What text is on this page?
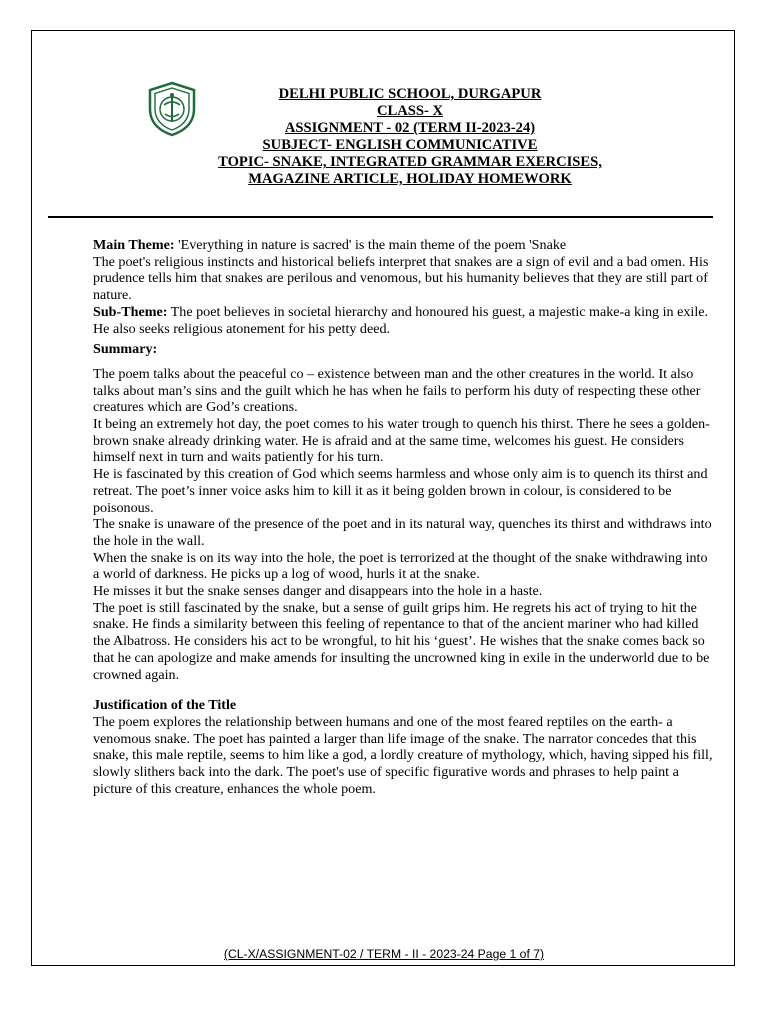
DELHI PUBLIC SCHOOL, DURGAPUR
CLASS- X
ASSIGNMENT - 02 (TERM II-2023-24)
SUBJECT- ENGLISH COMMUNICATIVE
TOPIC- SNAKE, INTEGRATED GRAMMAR EXERCISES,
MAGAZINE ARTICLE, HOLIDAY HOMEWORK

Main Theme: 'Everything in nature is sacred' is the main theme of the poem 'Snake

The poet's religious instincts and historical beliefs interpret that snakes are a sign of evil and a bad omen. His prudence tells him that snakes are perilous and venomous, but his humanity believes that they are still part of nature.

Sub-Theme: The poet believes in societal hierarchy and honoured his guest, a majestic make-a king in exile. He also seeks religious atonement for his petty deed.

Summary:

The poem talks about the peaceful co – existence between man and the other creatures in the world. It also talks about man’s sins and the guilt which he has when he fails to perform his duty of respecting these other creatures which are God’s creations.

It being an extremely hot day, the poet comes to his water trough to quench his thirst. There he sees a golden-brown snake already drinking water. He is afraid and at the same time, welcomes his guest. He considers himself next in turn and waits patiently for his turn.

He is fascinated by this creation of God which seems harmless and whose only aim is to quench its thirst and retreat. The poet’s inner voice asks him to kill it as it being golden brown in colour, is considered to be poisonous.

The snake is unaware of the presence of the poet and in its natural way, quenches its thirst and withdraws into the hole in the wall.

When the snake is on its way into the hole, the poet is terrorized at the thought of the snake withdrawing into a world of darkness. He picks up a log of wood, hurls it at the snake.

He misses it but the snake senses danger and disappears into the hole in a haste.

The poet is still fascinated by the snake, but a sense of guilt grips him. He regrets his act of trying to hit the snake. He finds a similarity between this feeling of repentance to that of the ancient mariner who had killed the Albatross. He considers his act to be wrongful, to hit his ‘guest’. He wishes that the snake comes back so that he can apologize and make amends for insulting the uncrowned king in exile in the underworld due to be crowned again.

Justification of the Title

The poem explores the relationship between humans and one of the most feared reptiles on the earth- a venomous snake. The poet has painted a larger than life image of the snake. The narrator concedes that this snake, this male reptile, seems to him like a god, a lordly creature of mythology, which, having sipped his fill, slowly slithers back into the dark. The poet's use of specific figurative words and phrases to help paint a picture of this creature, enhances the whole poem.

(CL-X/ASSIGNMENT-02 / TERM - II - 2023-24 Page 1 of 7)
